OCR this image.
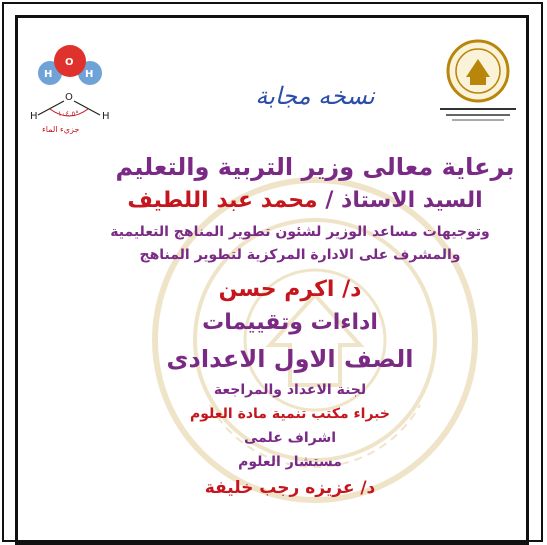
O
H	H
O
H	H
١٠٤.٥°
جزيء الماء
نسخه مجابة
برعاية معالى وزير التربية والتعليم
السيد الاستاذ / محمد عبد اللطيف
وتوجيهات مساعد الوزير لشئون تطوير المناهج التعليمية
والمشرف على الادارة المركزية لتطوير المناهج
د/ اكرم حسن
اداءات وتقييمات
الصف الاول الاعدادى
لجنة الاعداد والمراجعة
خبراء مكتب تنمية مادة العلوم
اشراف علمى
مستشار العلوم
د/ عزيزه رجب خليفة
